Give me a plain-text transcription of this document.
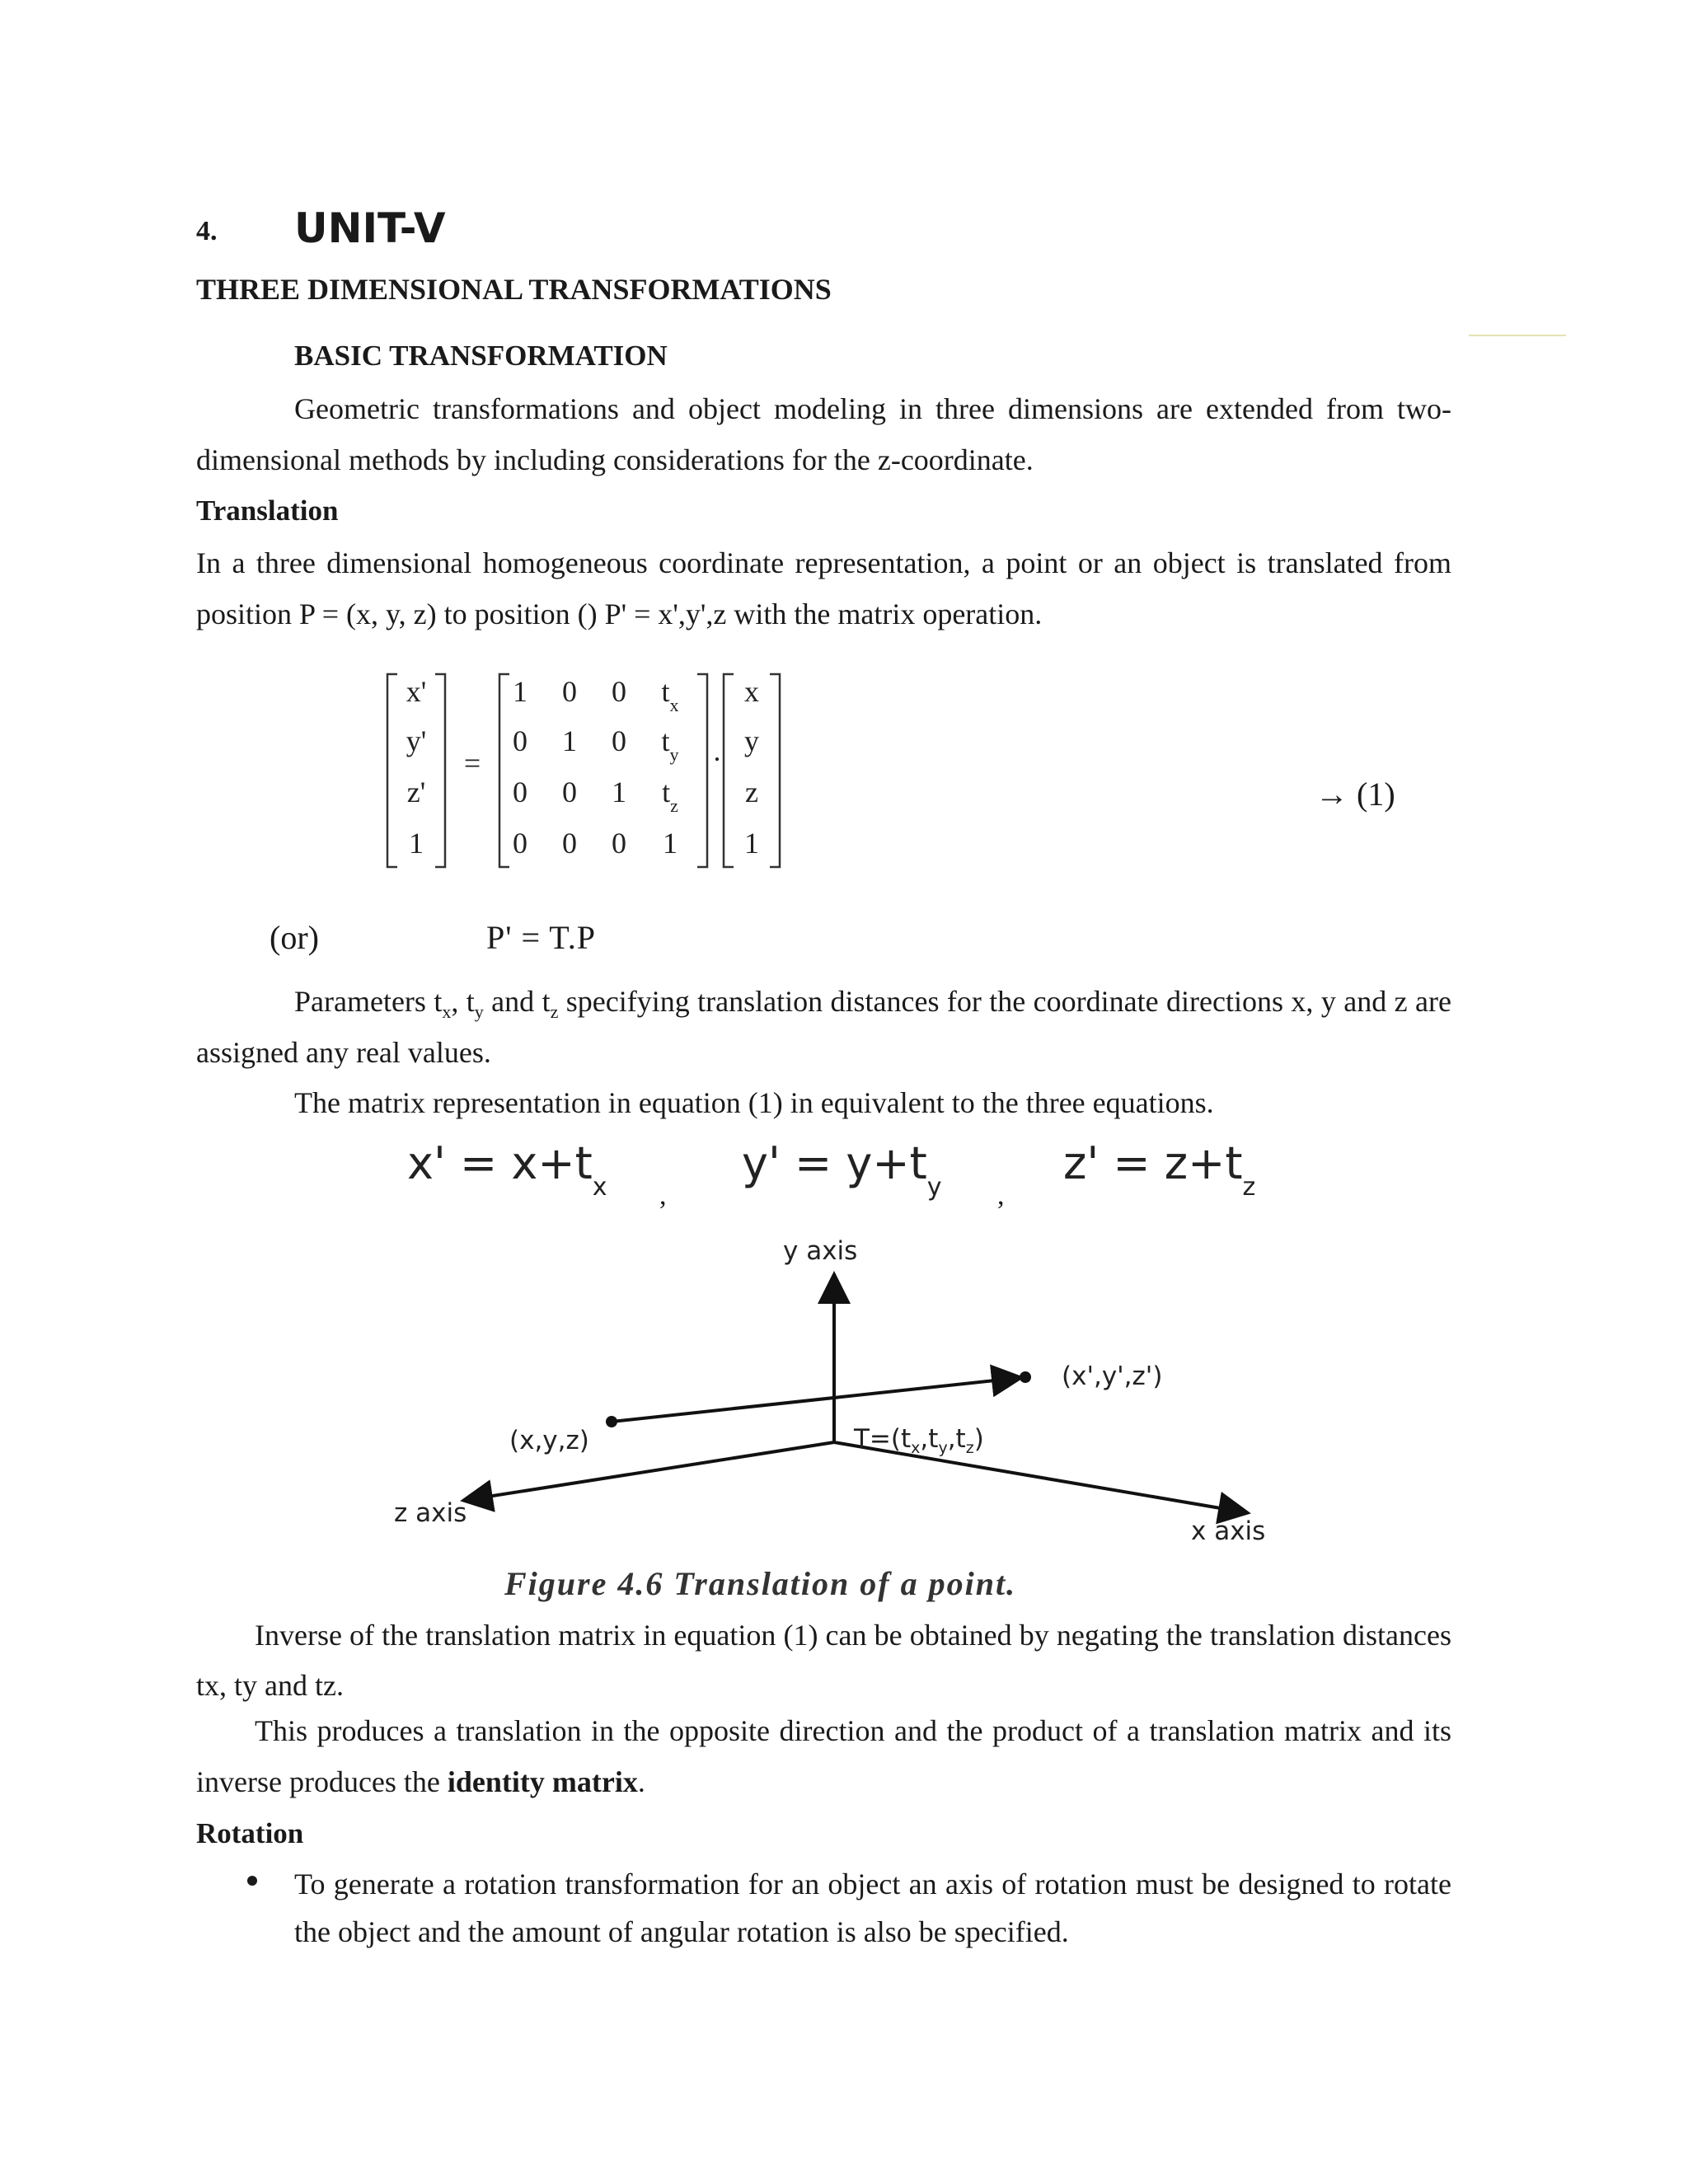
4. UNIT-V
THREE DIMENSIONAL TRANSFORMATIONS
BASIC TRANSFORMATION
Geometric transformations and object modeling in three dimensions are extended from two-
dimensional methods by including considerations for the z-coordinate.
Translation
In a three dimensional homogeneous coordinate representation, a point or an object is translated from
position P = (x, y, z) to position () P' = x',y',z with the matrix operation.
x'
y'
z'
1
=
1	0	0	$t_x$
0	1	0	$t_y$
0	0	1	$t_z$
0	0	0	1
.
x
y
z
1
→ (1)
(or)	P' = T.P
Parameters $t_x$, $t_y$ and $t_z$ specifying translation distances for the coordinate directions x, y and z are
assigned any real values.
The matrix representation in equation (1) in equivalent to the three equations.
$x' = x+t_x$ ,
$y' = y+t_y$ ,
$z' = z+t_z$
y axis
z axis
x axis
(x,y,z)
(x',y',z')
$T=(t_x,t_y,t_z)$
Figure 4.6 Translation of a point.
Inverse of the translation matrix in equation (1) can be obtained by negating the translation distances
tx, ty and tz.
This produces a translation in the opposite direction and the product of a translation matrix and its
inverse produces the identity matrix.
Rotation
To generate a rotation transformation for an object an axis of rotation must be designed to rotate
the object and the amount of angular rotation is also be specified.
